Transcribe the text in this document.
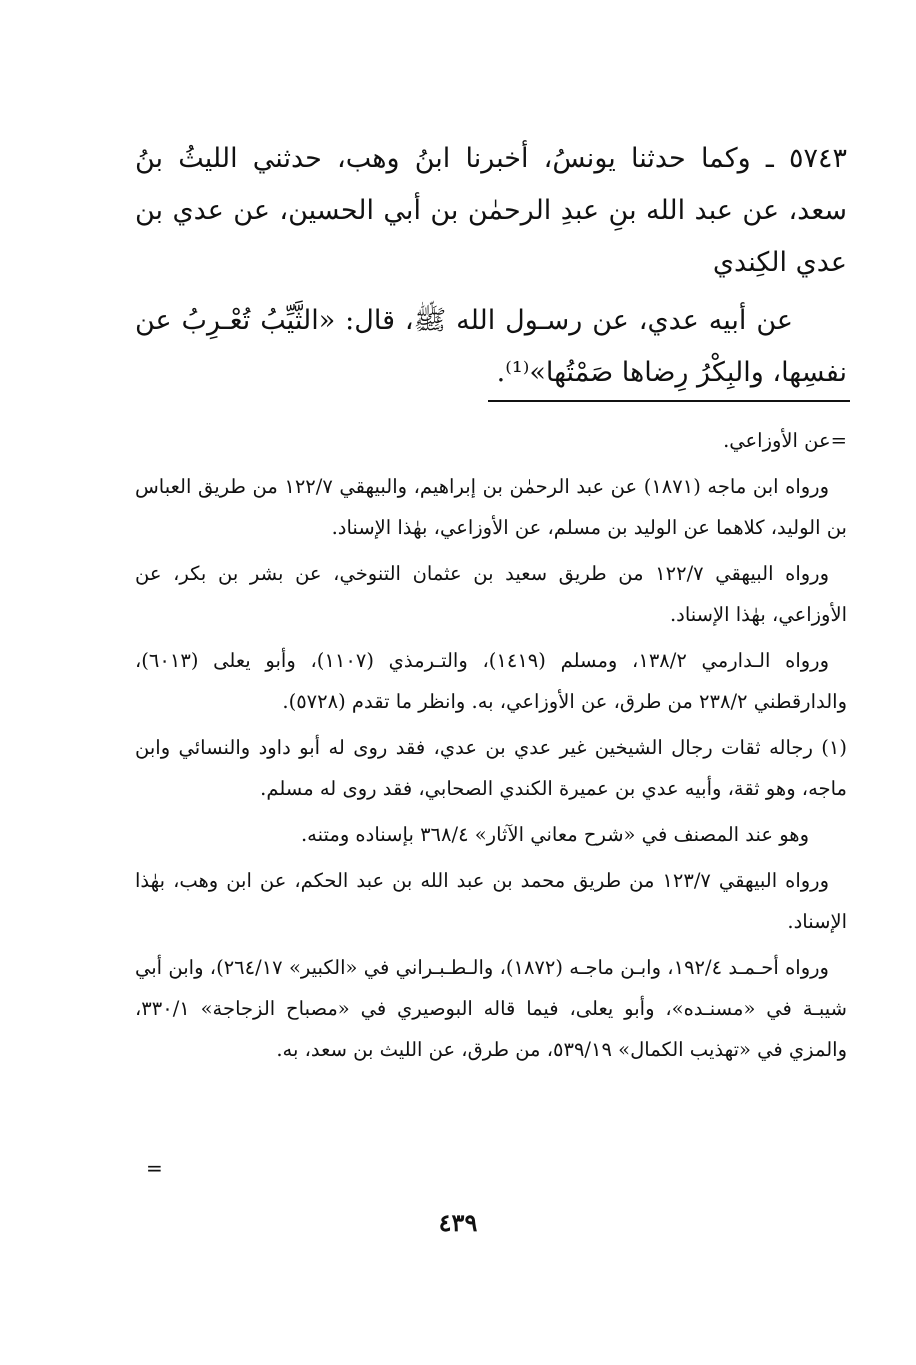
٥٧٤٣ ـ وكما حدثنا يونسُ، أخبرنا ابنُ وهب، حدثني الليثُ بنُ سعد، عن عبد الله بنِ عبدِ الرحمٰن بن أبي الحسين، عن عدي بن عدي الكِندي

عن أبيه عدي، عن رسـول الله ﷺ، قال: «الثَّيِّبُ تُعْـرِبُ عن نفسِها، والبِكْرُ رِضاها صَمْتُها»⁽¹⁾.

=عن الأوزاعي.

ورواه ابن ماجه (١٨٧١) عن عبد الرحمٰن بن إبراهيم، والبيهقي ١٢٢/٧ من طريق العباس بن الوليد، كلاهما عن الوليد بن مسلم، عن الأوزاعي، بهٰذا الإسناد.

ورواه البيهقي ١٢٢/٧ من طريق سعيد بن عثمان التنوخي، عن بشر بن بكر، عن الأوزاعي، بهٰذا الإسناد.

ورواه الـدارمي ١٣٨/٢، ومسلم (١٤١٩)، والتـرمذي (١١٠٧)، وأبو يعلى (٦٠١٣)، والدارقطني ٢٣٨/٢ من طرق، عن الأوزاعي، به. وانظر ما تقدم (٥٧٢٨).

(١) رجاله ثقات رجال الشيخين غير عدي بن عدي، فقد روى له أبو داود والنسائي وابن ماجه، وهو ثقة، وأبيه عدي بن عميرة الكندي الصحابي، فقد روى له مسلم.

وهو عند المصنف في «شرح معاني الآثار» ٣٦٨/٤ بإسناده ومتنه.

ورواه البيهقي ١٢٣/٧ من طريق محمد بن عبد الله بن عبد الحكم، عن ابن وهب، بهٰذا الإسناد.

ورواه أحـمـد ١٩٢/٤، وابـن ماجـه (١٨٧٢)، والـطـبـراني في «الكبير» ٢٦٤/١٧)، وابن أبي شيبـة في «مسنـده»، وأبو يعلى، فيما قاله البوصيري في «مصباح الزجاجة» ٣٣٠/١، والمزي في «تهذيب الكمال» ٥٣٩/١٩، من طرق، عن الليث بن سعد، به.

=
٤٣٩
